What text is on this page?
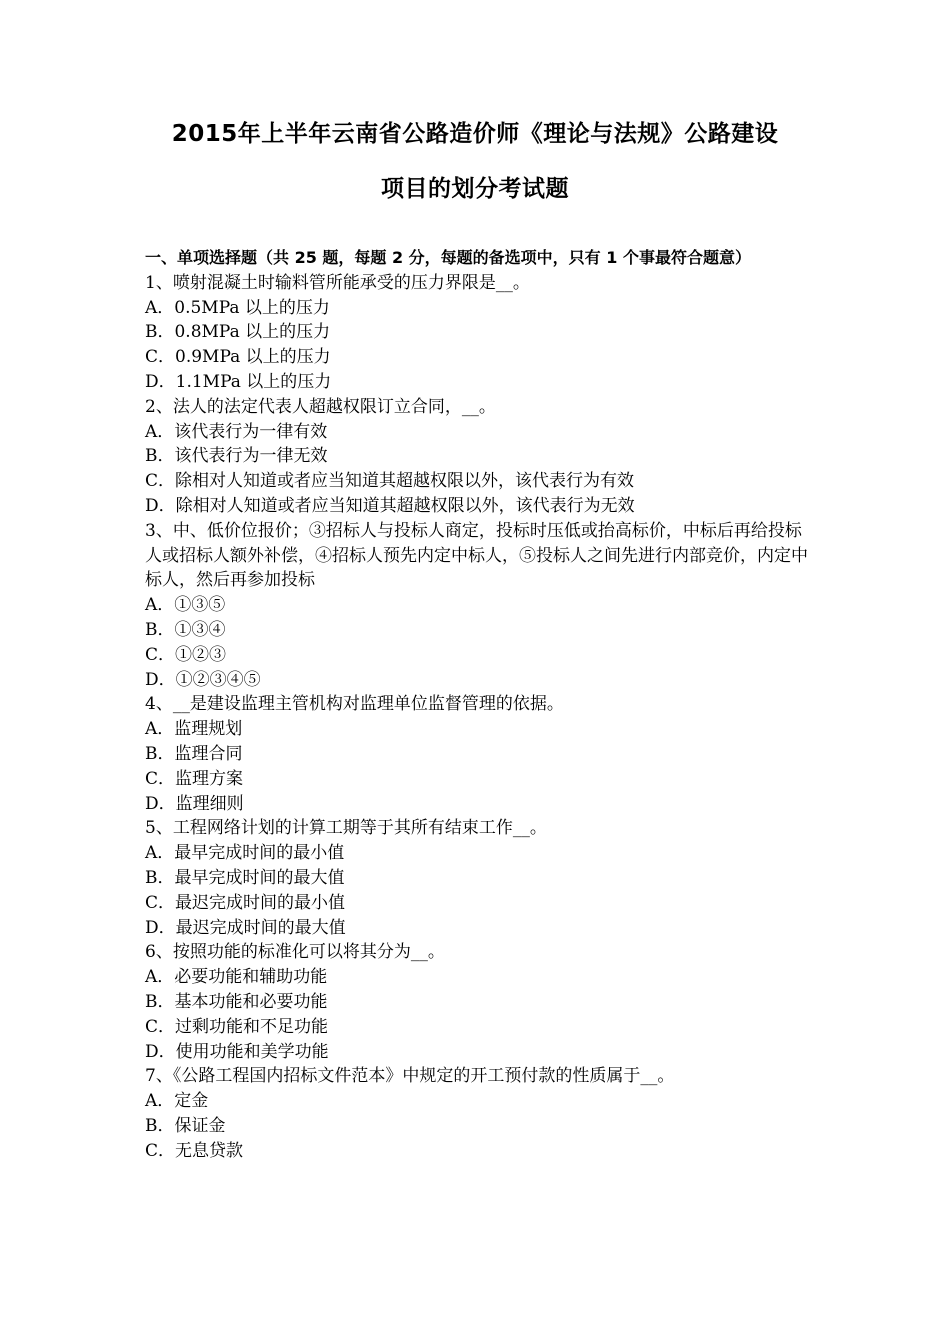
2015年上半年云南省公路造价师《理论与法规》公路建设
项目的划分考试题
一、单项选择题（共 25 题，每题 2 分，每题的备选项中，只有 1 个事最符合题意）

1、喷射混凝土时输料管所能承受的压力界限是__。

A．0.5MPa 以上的压力

B．0.8MPa 以上的压力

C．0.9MPa 以上的压力

D．1.1MPa 以上的压力

2、法人的法定代表人超越权限订立合同，__。

A．该代表行为一律有效

B．该代表行为一律无效

C．除相对人知道或者应当知道其超越权限以外，该代表行为有效

D．除相对人知道或者应当知道其超越权限以外，该代表行为无效

3、中、低价位报价；③招标人与投标人商定，投标时压低或抬高标价，中标后再给投标人或招标人额外补偿，④招标人预先内定中标人，⑤投标人之间先进行内部竞价，内定中标人，然后再参加投标

A．①③⑤

B．①③④

C．①②③

D．①②③④⑤

4、__是建设监理主管机构对监理单位监督管理的依据。

A．监理规划

B．监理合同

C．监理方案

D．监理细则

5、工程网络计划的计算工期等于其所有结束工作__。

A．最早完成时间的最小值

B．最早完成时间的最大值

C．最迟完成时间的最小值

D．最迟完成时间的最大值

6、按照功能的标准化可以将其分为__。

A．必要功能和辅助功能

B．基本功能和必要功能

C．过剩功能和不足功能

D．使用功能和美学功能

7、《公路工程国内招标文件范本》中规定的开工预付款的性质属于__。

A．定金

B．保证金

C．无息贷款
